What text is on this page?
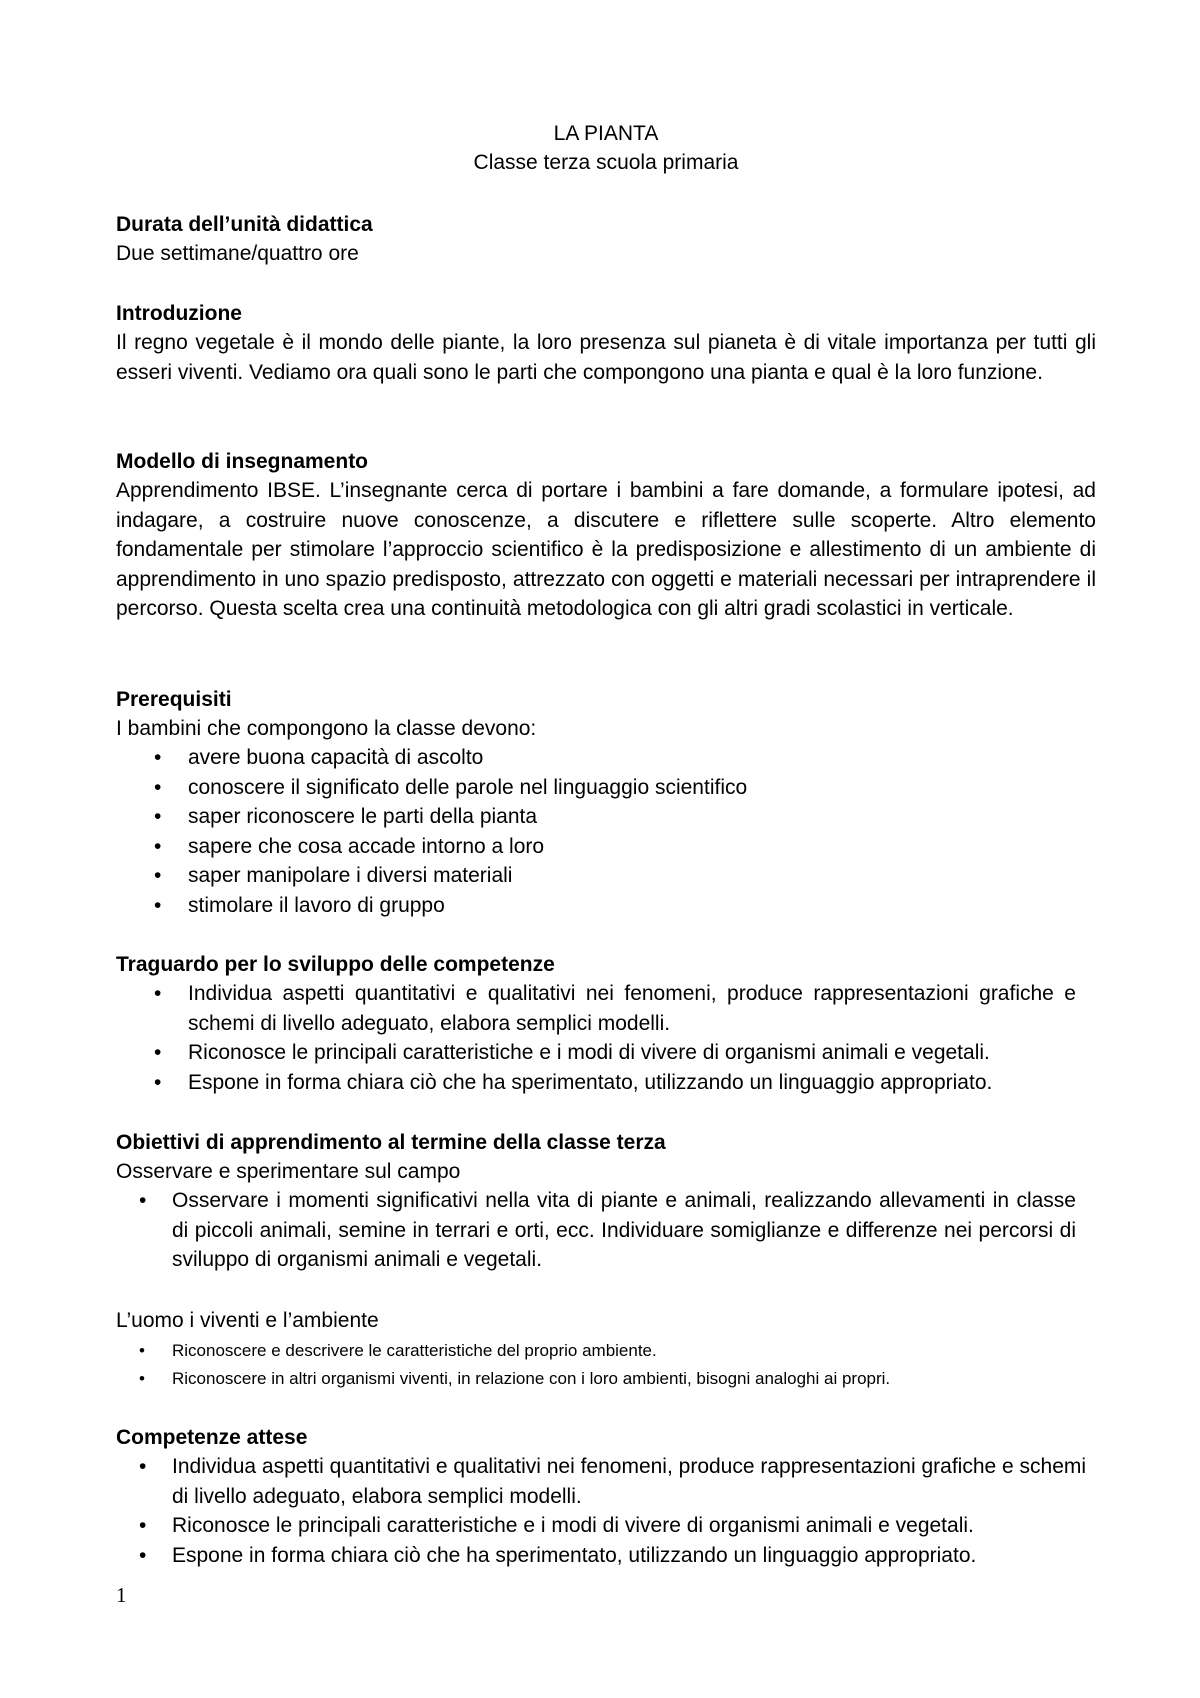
LA PIANTA
Classe terza scuola primaria
Durata dell’unità didattica
Due settimane/quattro ore
Introduzione
Il regno vegetale è il mondo delle piante, la loro presenza sul pianeta è di vitale importanza per tutti gli esseri viventi. Vediamo ora quali sono le parti che compongono una pianta e qual è la loro funzione.
Modello di insegnamento
Apprendimento IBSE. L’insegnante cerca di portare i bambini a fare domande, a formulare ipotesi, ad indagare, a costruire nuove conoscenze, a discutere e riflettere sulle scoperte. Altro elemento fondamentale per stimolare l’approccio scientifico è la predisposizione e allestimento di un ambiente di apprendimento in uno spazio predisposto, attrezzato con oggetti e materiali necessari per intraprendere il percorso. Questa scelta crea una continuità metodologica con gli altri gradi scolastici in verticale.
Prerequisiti
I bambini che compongono la classe devono:
• avere buona capacità di ascolto
• conoscere il significato delle parole nel linguaggio scientifico
• saper riconoscere le parti della pianta
• sapere che cosa accade intorno a loro
• saper manipolare i diversi materiali
• stimolare il lavoro di gruppo
Traguardo per lo sviluppo delle competenze
• Individua aspetti quantitativi e qualitativi nei fenomeni, produce rappresentazioni grafiche e schemi di livello adeguato, elabora semplici modelli.
• Riconosce le principali caratteristiche e i modi di vivere di organismi animali e vegetali.
• Espone in forma chiara ciò che ha sperimentato, utilizzando un linguaggio appropriato.
Obiettivi di apprendimento al termine della classe terza
Osservare e sperimentare sul campo
• Osservare i momenti significativi nella vita di piante e animali, realizzando allevamenti in classe di piccoli animali, semine in terrari e orti, ecc. Individuare somiglianze e differenze nei percorsi di sviluppo di organismi animali e vegetali.
L’uomo i viventi e l’ambiente
• Riconoscere e descrivere le caratteristiche del proprio ambiente.
• Riconoscere in altri organismi viventi, in relazione con i loro ambienti, bisogni analoghi ai propri.
Competenze attese
• Individua aspetti quantitativi e qualitativi nei fenomeni, produce rappresentazioni grafiche e schemi di livello adeguato, elabora semplici modelli.
• Riconosce le principali caratteristiche e i modi di vivere di organismi animali e vegetali.
• Espone in forma chiara ciò che ha sperimentato, utilizzando un linguaggio appropriato.
1
